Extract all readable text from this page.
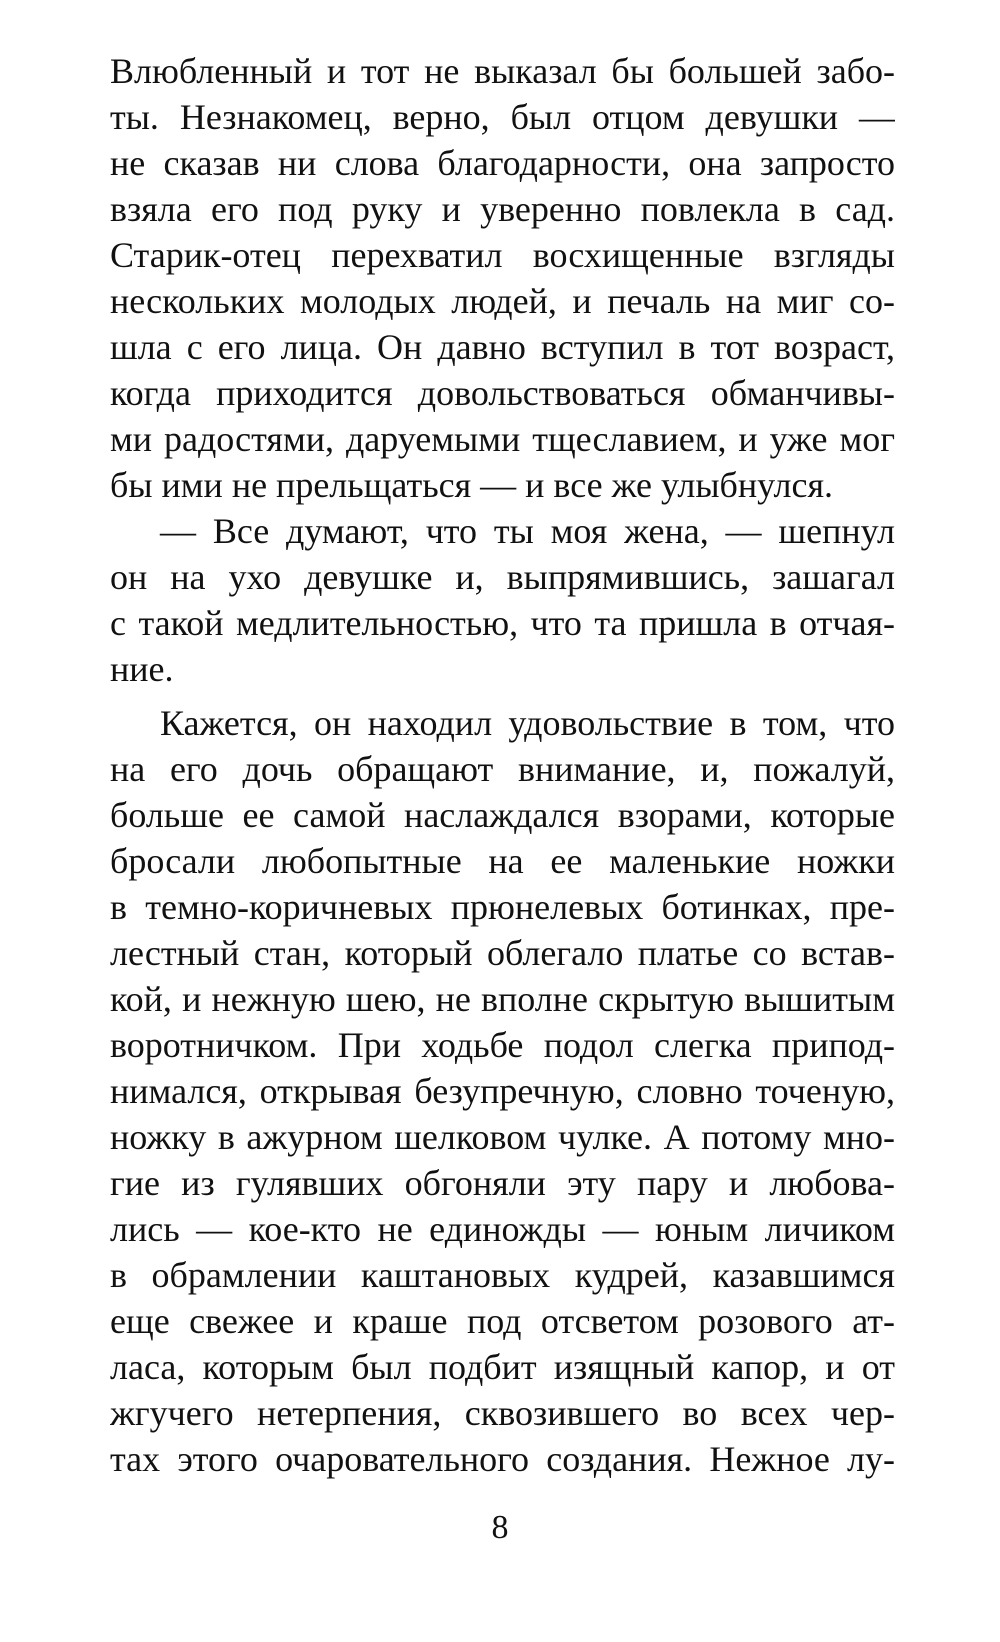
Влюбленный и тот не выказал бы большей забо-
ты. Незнакомец, верно, был отцом девушки —
не сказав ни слова благодарности, она запросто
взяла его под руку и уверенно повлекла в сад.
Старик-отец перехватил восхищенные взгляды
нескольких молодых людей, и печаль на миг со-
шла с его лица. Он давно вступил в тот возраст,
когда приходится довольствоваться обманчивы-
ми радостями, даруемыми тщеславием, и уже мог
бы ими не прельщаться — и все же улыбнулся.
— Все думают, что ты моя жена, — шепнул
он на ухо девушке и, выпрямившись, зашагал
с такой медлительностью, что та пришла в отчая-
ние.
Кажется, он находил удовольствие в том, что
на его дочь обращают внимание, и, пожалуй,
больше ее самой наслаждался взорами, которые
бросали любопытные на ее маленькие ножки
в темно-коричневых прюнелевых ботинках, пре-
лестный стан, который облегало платье со встав-
кой, и нежную шею, не вполне скрытую вышитым
воротничком. При ходьбе подол слегка припод-
нимался, открывая безупречную, словно точеную,
ножку в ажурном шелковом чулке. А потому мно-
гие из гулявших обгоняли эту пару и любова-
лись — кое-кто не единожды — юным личиком
в обрамлении каштановых кудрей, казавшимся
еще свежее и краше под отсветом розового ат-
ласа, которым был подбит изящный капор, и от
жгучего нетерпения, сквозившего во всех чер-
тах этого очаровательного создания. Нежное лу-
8
